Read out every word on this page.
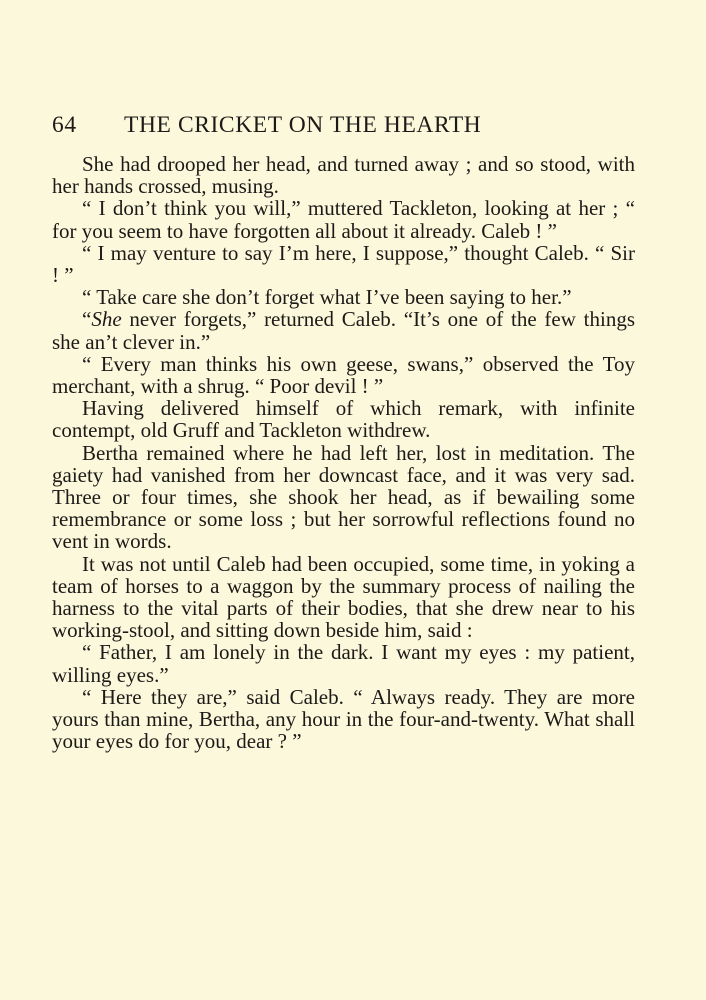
64	THE CRICKET ON THE HEARTH

She had drooped her head, and turned away ; and so stood, with her hands crossed, musing.

“ I don’t think you will,” muttered Tackleton, looking at her ; “ for you seem to have forgotten all about it already. Caleb ! ”

“ I may venture to say I’m here, I suppose,” thought Caleb. “ Sir ! ”

“ Take care she don’t forget what I’ve been saying to her.”

“She never forgets,” returned Caleb. “It’s one of the few things she an’t clever in.”

“ Every man thinks his own geese, swans,” observed the Toy merchant, with a shrug. “ Poor devil ! ”

Having delivered himself of which remark, with infinite contempt, old Gruff and Tackleton withdrew.

Bertha remained where he had left her, lost in meditation. The gaiety had vanished from her downcast face, and it was very sad. Three or four times, she shook her head, as if bewailing some remembrance or some loss ; but her sorrowful reflections found no vent in words.

It was not until Caleb had been occupied, some time, in yoking a team of horses to a waggon by the summary process of nailing the harness to the vital parts of their bodies, that she drew near to his working-stool, and sitting down beside him, said :

“ Father, I am lonely in the dark. I want my eyes : my patient, willing eyes.”

“ Here they are,” said Caleb. “ Always ready. They are more yours than mine, Bertha, any hour in the four-and-twenty. What shall your eyes do for you, dear ? ”
